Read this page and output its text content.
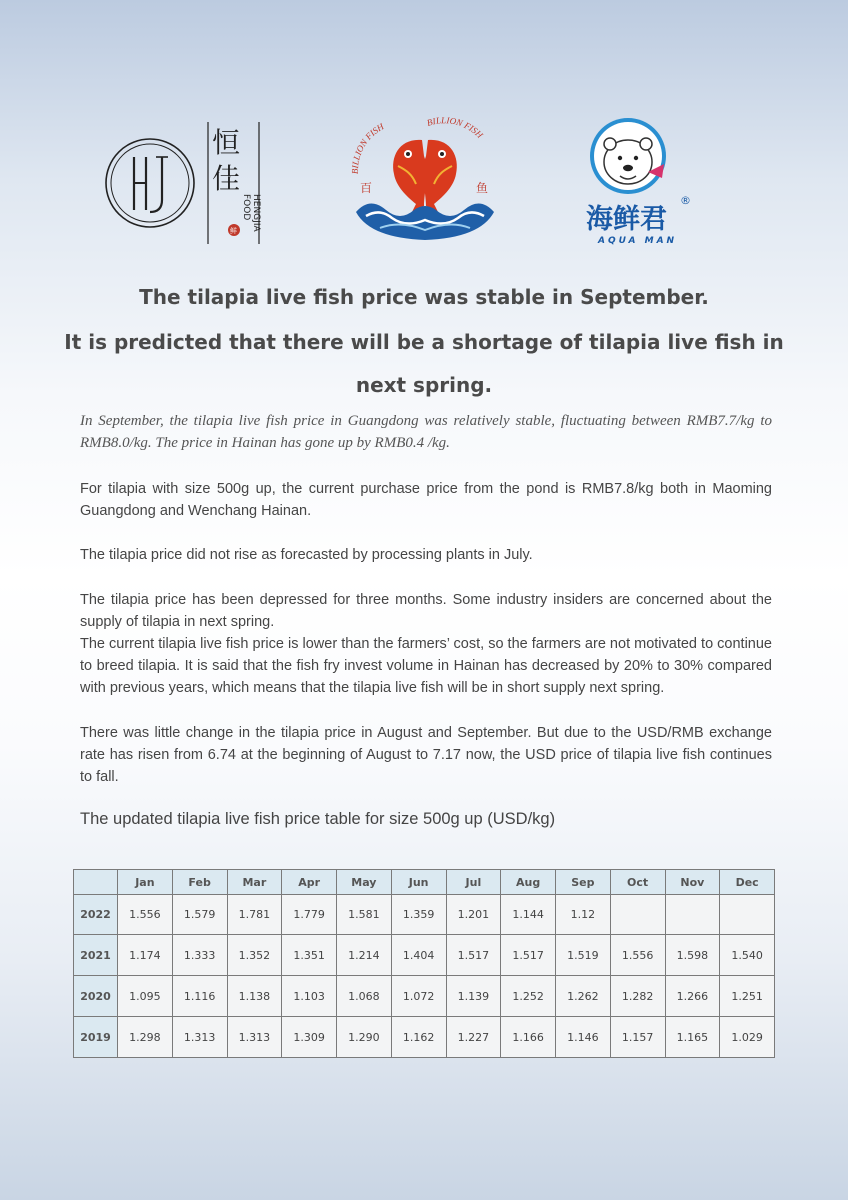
恒
佳
FOOD HENGJIA
鲜
BILLION FISH	BILLION FISH
百	鱼
海鲜君
®
AQUA MAN
The tilapia live fish price was stable in September.
It is predicted that there will be a shortage of tilapia live fish in
next spring.

In September, the tilapia live fish price in Guangdong was relatively stable, fluctuating between RMB7.7/kg to RMB8.0/kg. The price in Hainan has gone up by RMB0.4 /kg.

For tilapia with size 500g up, the current purchase price from the pond is RMB7.8/kg both in Maoming Guangdong and Wenchang Hainan.

The tilapia price did not rise as forecasted by processing plants in July.

The tilapia price has been depressed for three months. Some industry insiders are concerned about the supply of tilapia in next spring.

The current tilapia live fish price is lower than the farmers’ cost, so the farmers are not motivated to continue to breed tilapia. It is said that the fish fry invest volume in Hainan has decreased by 20% to 30% compared with previous years, which means that the tilapia live fish will be in short supply next spring.

There was little change in the tilapia price in August and September. But due to the USD/RMB exchange rate has risen from 6.74 at the beginning of August to 7.17 now, the USD price of tilapia live fish continues to fall.

The updated tilapia live fish price table for size 500g up (USD/kg)

	Jan	Feb	Mar	Apr	May	Jun	Jul	Aug	Sep	Oct	Nov	Dec
2022	1.556	1.579	1.781	1.779	1.581	1.359	1.201	1.144	1.12			
2021	1.174	1.333	1.352	1.351	1.214	1.404	1.517	1.517	1.519	1.556	1.598	1.540
2020	1.095	1.116	1.138	1.103	1.068	1.072	1.139	1.252	1.262	1.282	1.266	1.251
2019	1.298	1.313	1.313	1.309	1.290	1.162	1.227	1.166	1.146	1.157	1.165	1.029
